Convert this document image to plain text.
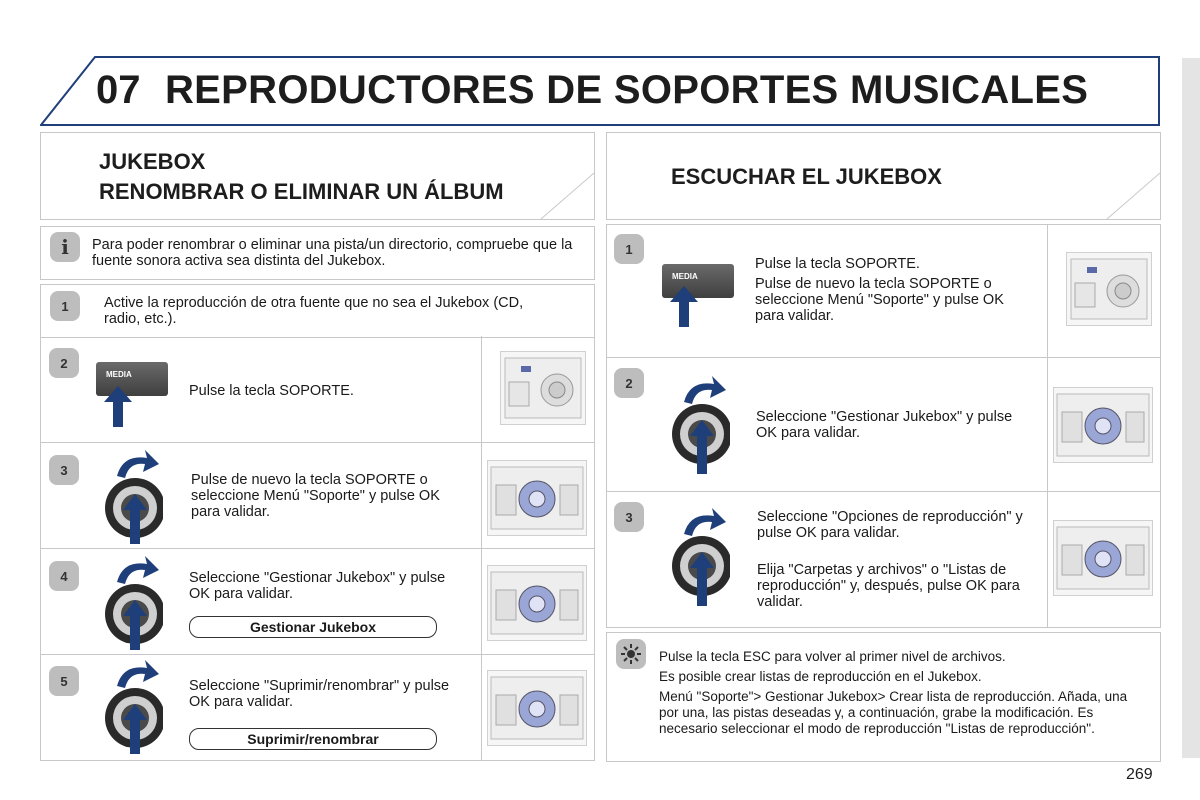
07 REPRODUCTORES DE SOPORTES MUSICALES
JUKEBOX
RENOMBRAR O ELIMINAR UN ÁLBUM
i	Para poder renombrar o eliminar una pista/un directorio, compruebe que la fuente sonora activa sea distinta del Jukebox.
1	Active la reproducción de otra fuente que no sea el Jukebox (CD, radio, etc.).
2
MEDIA
Pulse la tecla SOPORTE.
3
Pulse de nuevo la tecla SOPORTE o seleccione Menú "Soporte" y pulse OK para validar.
4	Seleccione "Gestionar Jukebox" y pulse OK para validar.
Gestionar Jukebox
5	Seleccione "Suprimir/renombrar" y pulse OK para validar.
Suprimir/renombrar
ESCUCHAR EL JUKEBOX
1
MEDIA
Pulse la tecla SOPORTE.
Pulse de nuevo la tecla SOPORTE o seleccione Menú "Soporte" y pulse OK para validar.
2
Seleccione "Gestionar Jukebox" y pulse OK para validar.
3	Seleccione "Opciones de reproducción" y pulse OK para validar.
Elija "Carpetas y archivos" o "Listas de reproducción" y, después, pulse OK para validar.
Pulse la tecla ESC para volver al primer nivel de archivos.
Es posible crear listas de reproducción en el Jukebox.
Menú "Soporte"> Gestionar Jukebox> Crear lista de reproducción. Añada, una por una, las pistas deseadas y, a continuación, grabe la modificación. Es necesario seleccionar el modo de reproducción "Listas de reproducción".
269
